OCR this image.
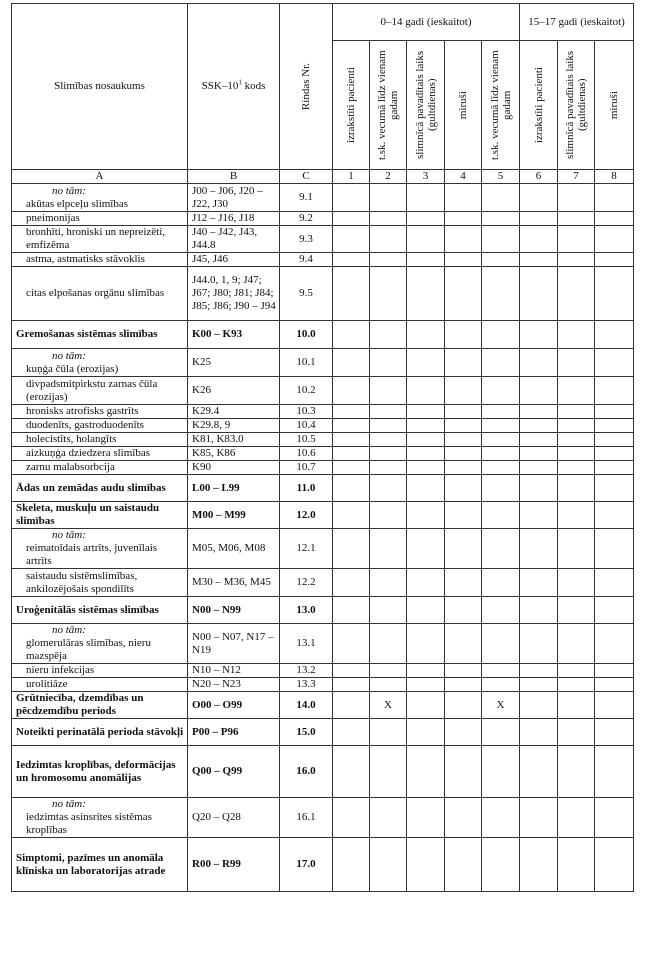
Slimības nosaukums	SSK–$10^1$ kods	Rindas Nr.	0–14 gadi (ieskaitot)					15–17 gadi (ieskaitot)		

			izrakstīti pacienti	t.sk. vecumā līdz vienam gadam	slimnīcā pavadītais laiks (gultdienas)	miruši	t.sk. vecumā līdz vienam gadam	izrakstīti pacienti	slimnīcā pavadītais laiks (gultdienas)	miruši

A	B	C	1	2	3	4	5	6	7	8

no tām:
akūtas elpceļu slimības	J00 – J06, J20 – J22, J30	9.1								
pneimonijas	J12 – J16, J18	9.2								
bronhīti, hroniski un nepreizēti, emfizēma	J40 – J42, J43, J44.8	9.3								
astma, astmatisks stāvoklis	J45, J46	9.4								
citas elpošanas orgānu slimības	J44.0, 1, 9; J47; J67; J80; J81; J84; J85; J86; J90 – J94	9.5								
Gremošanas sistēmas slimības	K00 – K93	10.0								

no tām:
kuņģa čūla (erozijas)	K25	10.1								
divpadsmitpirkstu zarnas čūla (erozijas)	K26	10.2								
hronisks atrofisks gastrīts	K29.4	10.3								
duodenīts, gastroduodenīts	K29.8, 9	10.4								
holecistīts, holangīts	K81, K83.0	10.5								
aizkuņģa dziedzera slimības	K85, K86	10.6								
zarnu malabsorbcija	K90	10.7								
Ādas un zemādas audu slimības	L00 – L99	11.0								
Skeleta, muskuļu un saistaudu slimības	M00 – M99	12.0								

no tām:
reimatoīdais artrīts, juvenīlais artrīts	M05, M06, M08	12.1								
saistaudu sistēmslimības, ankilozējošais spondilīts	M30 – M36, M45	12.2								
Uroģenitālās sistēmas slimības	N00 – N99	13.0								

no tām:
glomerulāras slimības, nieru mazspēja	N00 – N07, N17 – N19	13.1								
nieru infekcijas	N10 – N12	13.2								
urolitiāze	N20 – N23	13.3								
Grūtniecība, dzemdības un pēcdzemdību periods	O00 – O99	14.0		X			X			
Noteikti perinatālā perioda stāvokļi	P00 – P96	15.0								
Iedzimtas kroplības, deformācijas un hromosomu anomālijas	Q00 – Q99	16.0								

no tām:
iedzimtas asinsrites sistēmas kroplības	Q20 – Q28	16.1								
Simptomi, pazīmes un anomāla klīniska un laboratorijas atrade	R00 – R99	17.0								
